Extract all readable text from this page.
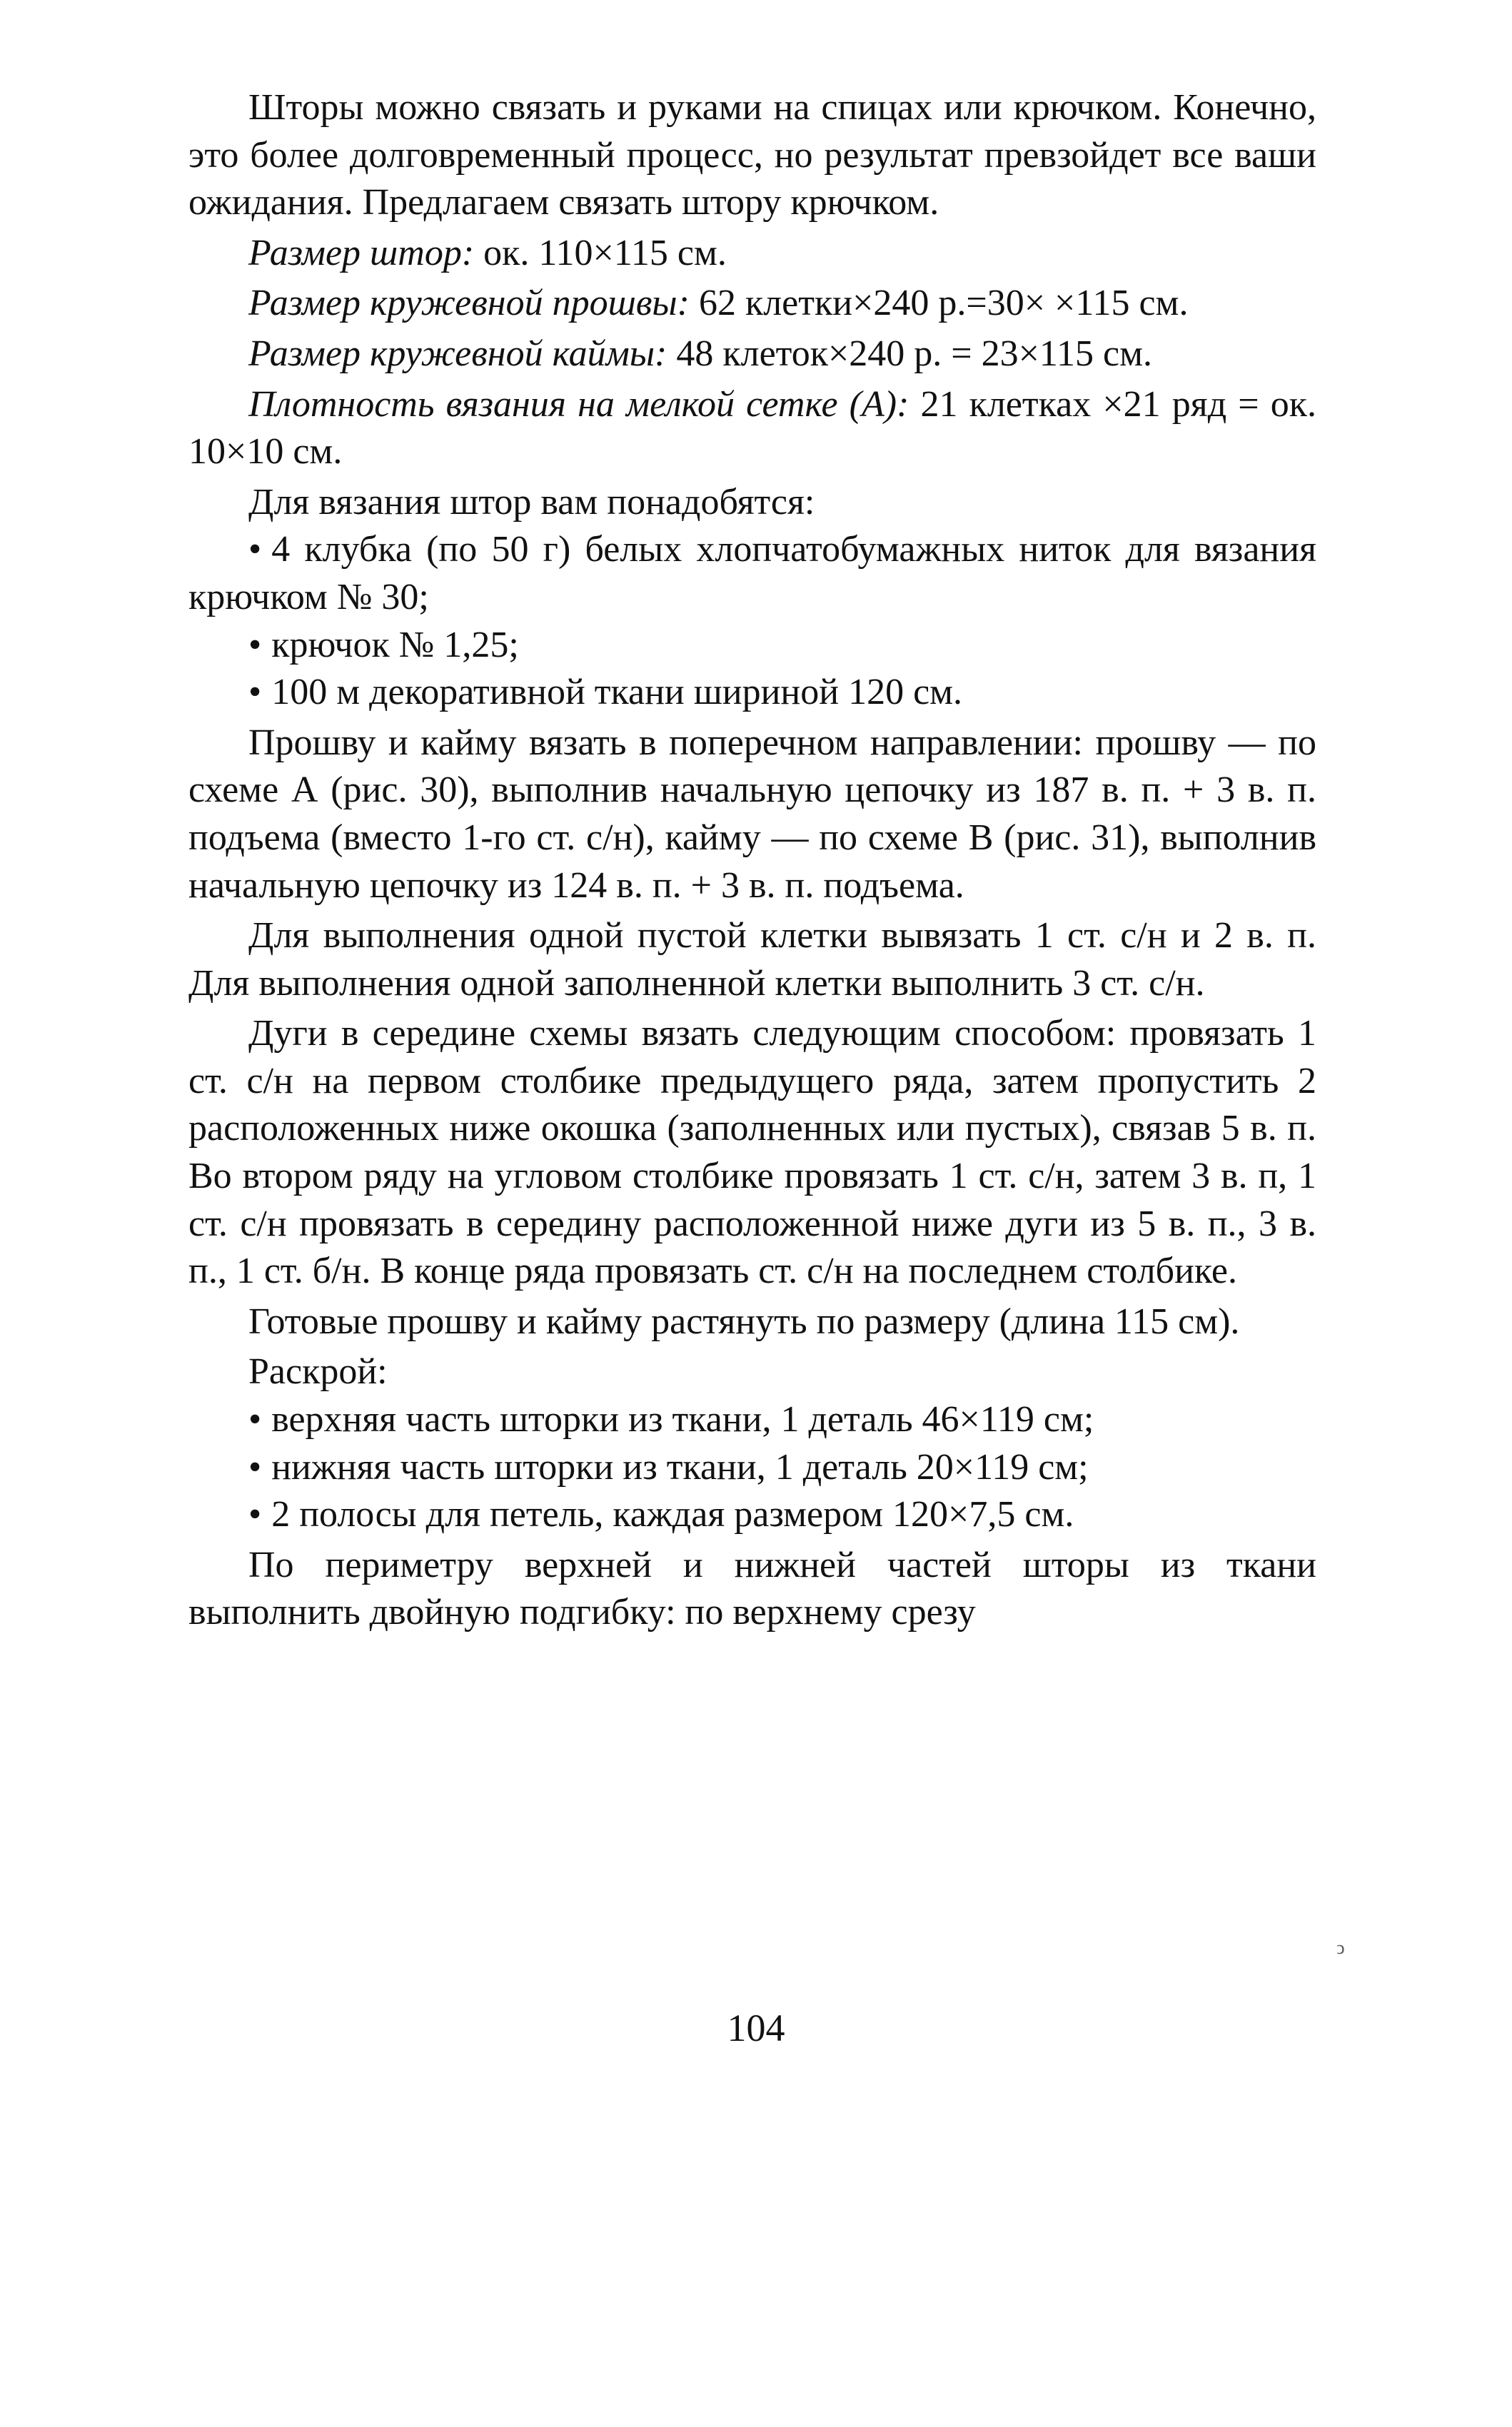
Шторы можно связать и руками на спицах или крючком. Конечно, это более долговременный процесс, но результат превзойдет все ваши ожидания. Предлагаем связать штору крючком.

Размер штор: ок. 110×115 см.

Размер кружевной прошвы: 62 клетки×240 р.=30× ×115 см.

Размер кружевной каймы: 48 клеток×240 р. = 23×115 см.

Плотность вязания на мелкой сетке (А): 21 клетках ×21 ряд = ок. 10×10 см.

Для вязания штор вам понадобятся:

• 4 клубка (по 50 г) белых хлопчатобумажных ниток для вязания крючком № 30;

• крючок № 1,25;

• 100 м декоративной ткани шириной 120 см.

Прошву и кайму вязать в поперечном направлении: прошву — по схеме А (рис. 30), выполнив начальную цепочку из 187 в. п. + 3 в. п. подъема (вместо 1-го ст. с/н), кайму — по схеме В (рис. 31), выполнив начальную цепочку из 124 в. п. + 3 в. п. подъема.

Для выполнения одной пустой клетки вывязать 1 ст. с/н и 2 в. п. Для выполнения одной заполненной клетки выполнить 3 ст. с/н.

Дуги в середине схемы вязать следующим способом: провязать 1 ст. с/н на первом столбике предыдущего ряда, затем пропустить 2 расположенных ниже окошка (заполненных или пустых), связав 5 в. п. Во втором ряду на угловом столбике провязать 1 ст. с/н, затем 3 в. п, 1 ст. с/н провязать в середину расположенной ниже дуги из 5 в. п., 3 в. п., 1 ст. б/н. В конце ряда провязать ст. с/н на последнем столбике.

Готовые прошву и кайму растянуть по размеру (длина 115 см).

Раскрой:

• верхняя часть шторки из ткани, 1 деталь 46×119 см;

• нижняя часть шторки из ткани, 1 деталь 20×119 см;

• 2 полосы для петель, каждая размером 120×7,5 см.

По периметру верхней и нижней частей шторы из ткани выполнить двойную подгибку: по верхнему срезу

ↄ
104
